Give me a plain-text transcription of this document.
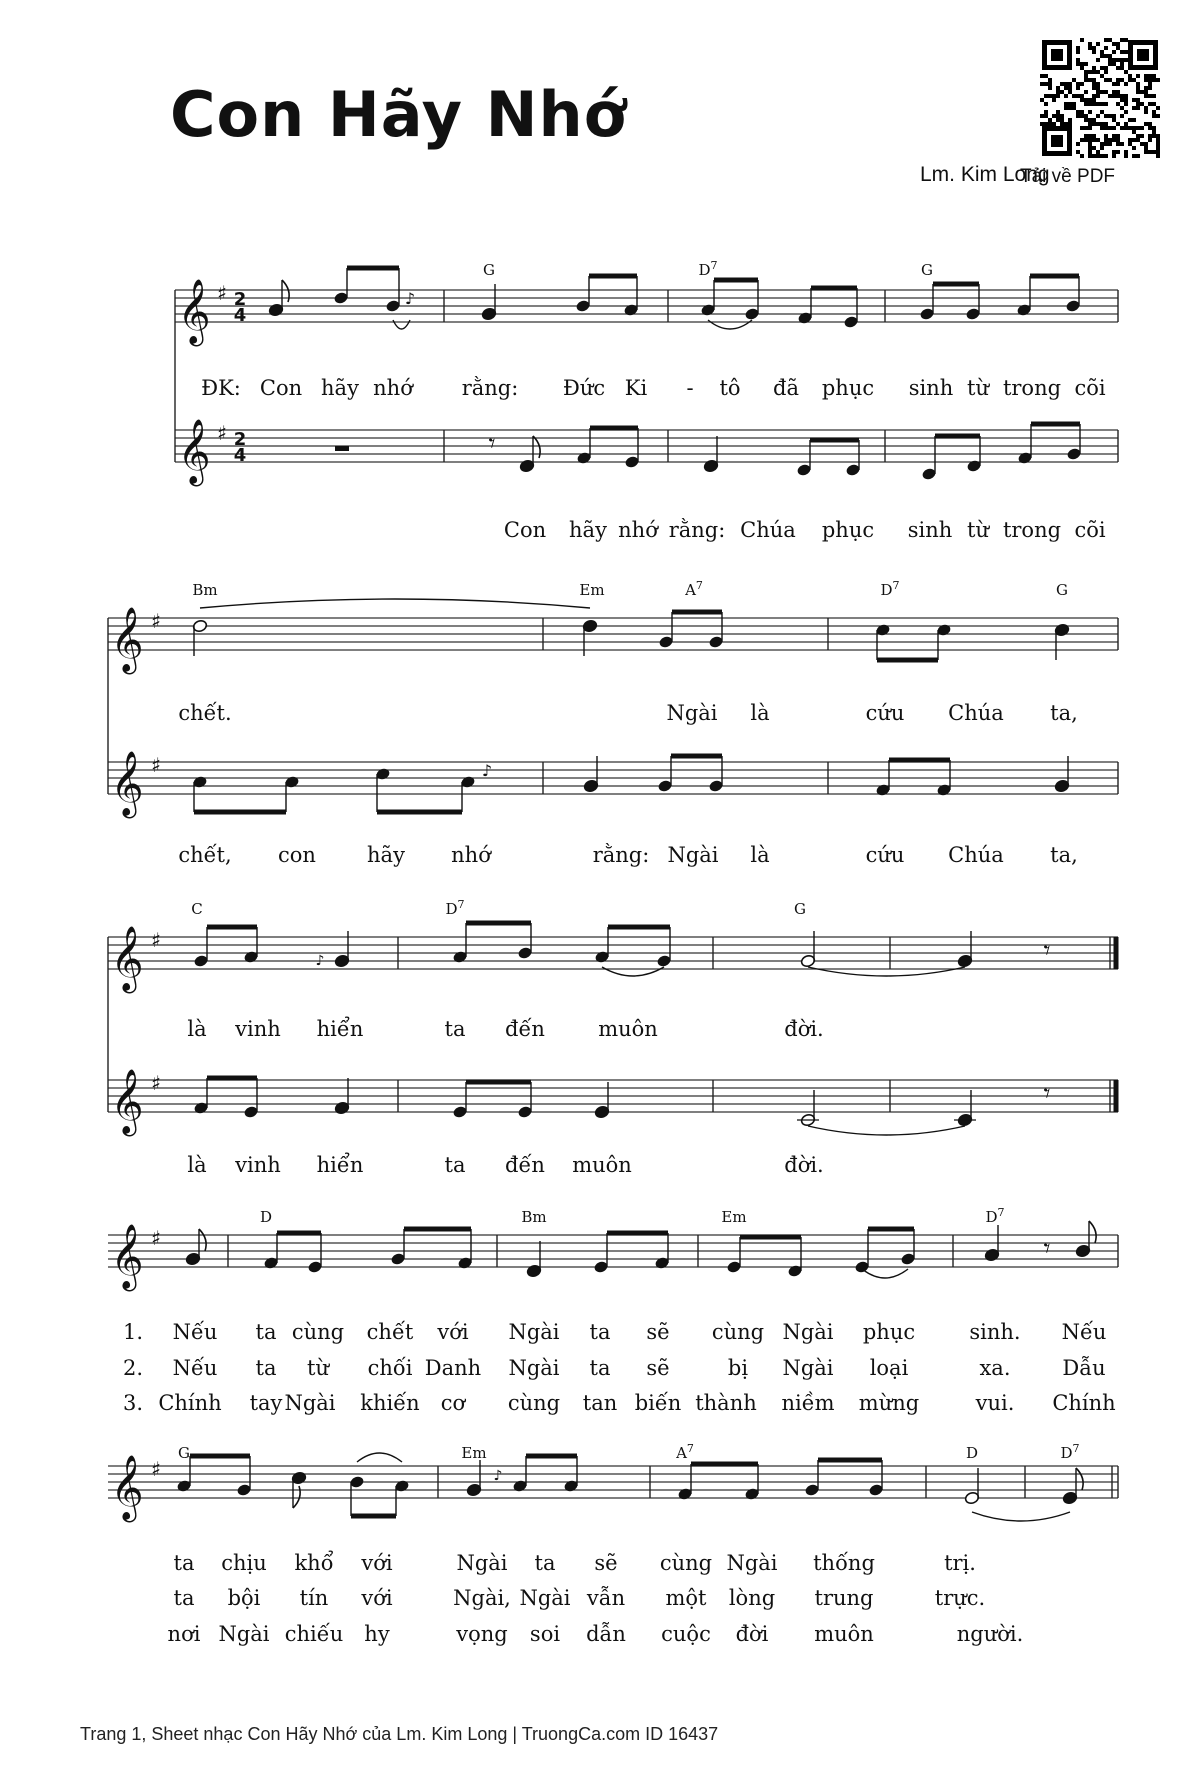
Con Hãy Nhớ
Lm. Kim Long
Tải về PDF
𝄞 ♯ 2
4
𝄞 ♯ 2
4
G	$D^7$	G
♪
ĐK: Con hãy nhớ rằng: Đức Ki - tô đã phục sinh từ trong cõi
𝄾
Con hãy nhớ rằng: Chúa phục sinh từ trong cõi
𝄞 ♯
𝄞 ♯
Bm	Em	$A^7$	$D^7$	G
chết.	Ngài là	cứu Chúa ta,
♪
chết, con hãy nhớ	rằng: Ngài là	cứu Chúa ta,
𝄞 ♯
𝄞 ♯
C	$D^7$	G
♪	𝄾
là vinh hiển	ta đến	muôn	đời.
𝄾
là vinh hiển	ta đến muôn	đời.
𝄞 ♯
D	Bm	Em	$D^7$
𝄾
1. Nếu ta cùng chết với Ngài ta sẽ cùng Ngài phục	sinh. Nếu
2. Nếu ta từ chối Danh Ngài ta sẽ	bị Ngài loại	xa. Dẫu
3. Chính tay Ngài khiến cơ cùng tan biến thành niềm mừng	vui. Chính
𝄞 ♯
G	Em	$A^7$	D	$D^7$
♪
ta chịu khổ với	Ngài ta sẽ cùng Ngài thống	trị.
ta bội tín với	Ngài, Ngài vẫn một lòng trung	trực.
nơi Ngài chiếu hy	vọng soi dẫn cuộc đời muôn	người.
Trang 1, Sheet nhạc Con Hãy Nhớ của Lm. Kim Long | TruongCa.com ID 16437
